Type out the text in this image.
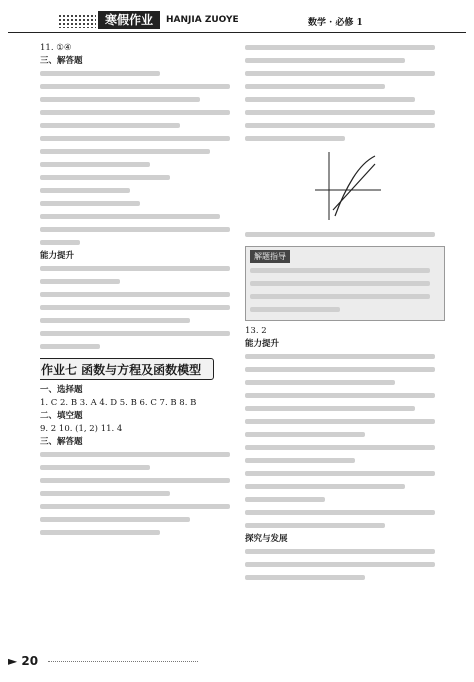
寒假作业	HANJIA ZUOYE	数学 · 必修 1
11. ①④
三、解答题
能力提升
作业七 函数与方程及函数模型
一、选择题
1. C 2. B 3. A 4. D 5. B 6. C 7. B 8. B
二、填空题
9. 2 10. (1, 2) 11. 4
三、解答题
解题指导
13. 2
能力提升
探究与发展
► 20
